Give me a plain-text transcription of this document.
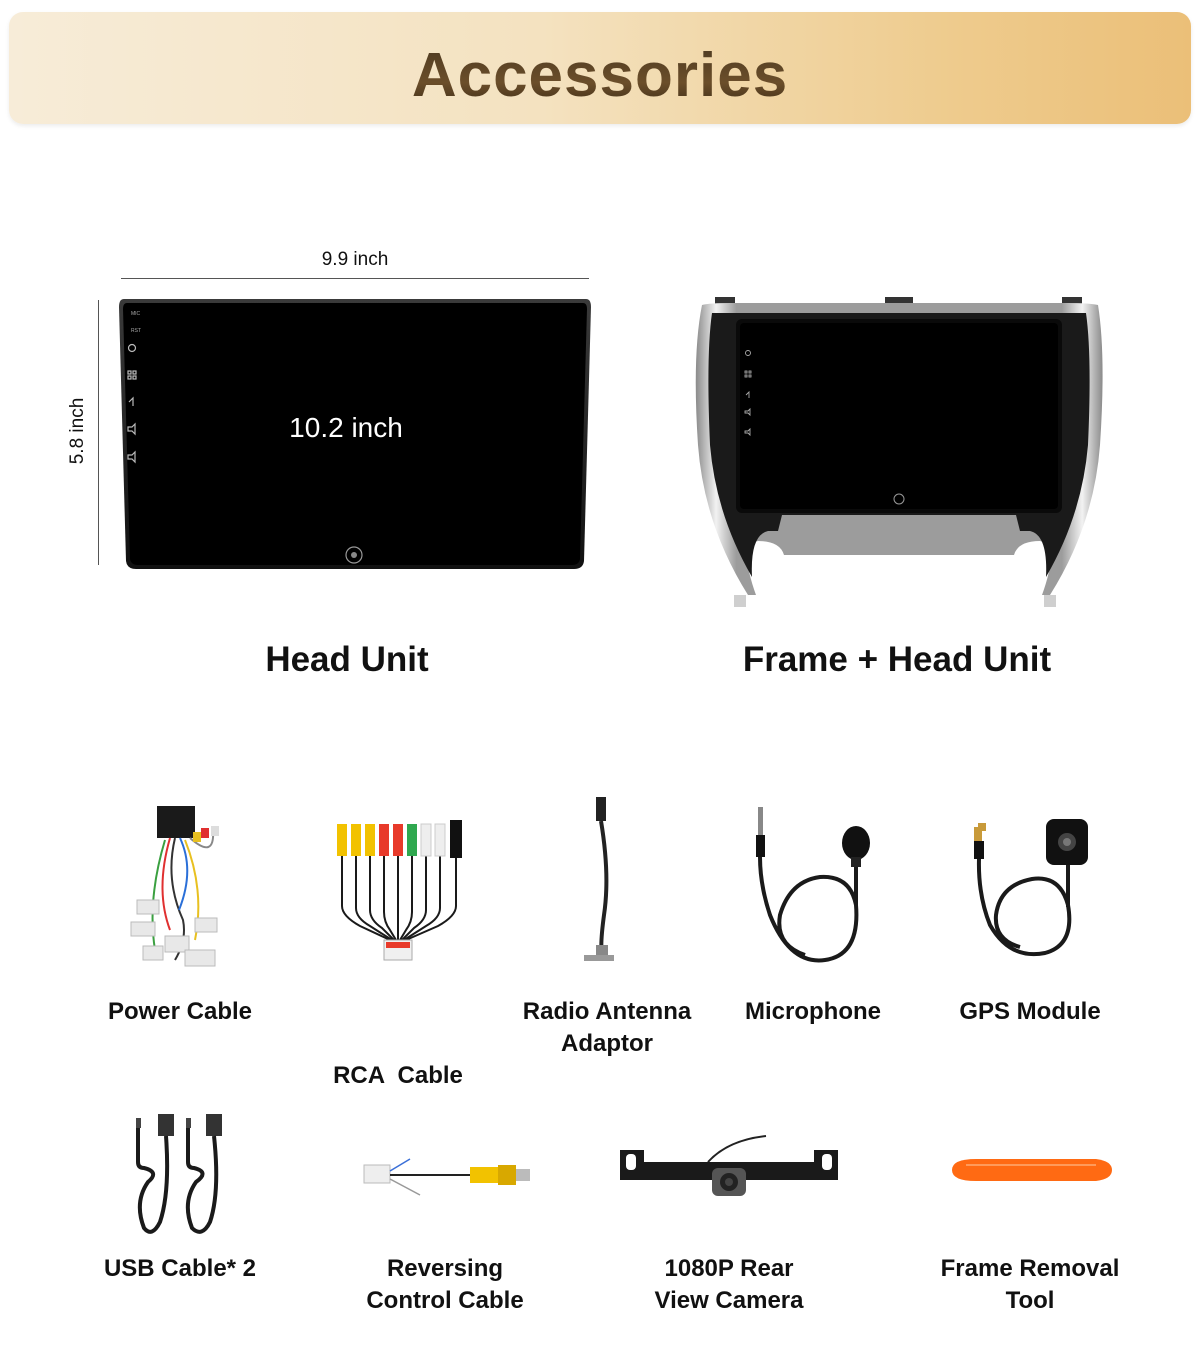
Accessories
9.9 inch
5.8 inch
MIC
RST
10.2 inch
Head Unit	Frame + Head Unit
Power Cable

RCA  Cable

Radio Antenna
Adaptor
Microphone	GPS Module
USB Cable* 2	Reversing
Control Cable
1080P Rear
View Camera
Frame Removal
Tool
